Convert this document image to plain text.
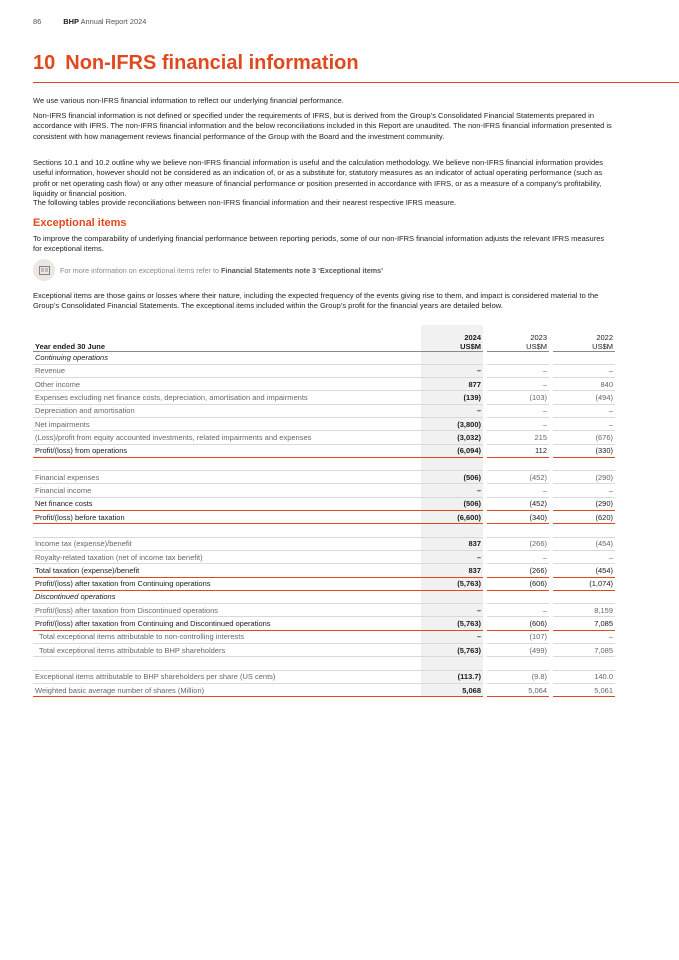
86	BHP Annual Report 2024
10 Non-IFRS financial information

We use various non-IFRS financial information to reflect our underlying financial performance.

Non-IFRS financial information is not defined or specified under the requirements of IFRS, but is derived from the Group’s Consolidated Financial Statements prepared in accordance with IFRS. The non-IFRS financial information and the below reconciliations included in this Report are unaudited. The non-IFRS financial information presented is consistent with how management reviews financial performance of the Group with the Board and the investment community.

Sections 10.1 and 10.2 outline why we believe non-IFRS financial information is useful and the calculation methodology. We believe non-IFRS financial information provides useful information, however should not be considered as an indication of, or as a substitute for, statutory measures as an indicator of actual operating performance (such as profit or net operating cash flow) or any other measure of financial performance or position presented in accordance with IFRS, or as a measure of a company’s profitability, liquidity or financial position.

The following tables provide reconciliations between non-IFRS financial information and their nearest respective IFRS measure.

Exceptional items

To improve the comparability of underlying financial performance between reporting periods, some of our non-IFRS financial information adjusts the relevant IFRS measures for exceptional items.

For more information on exceptional items refer to Financial Statements note 3 ‘Exceptional items’

Exceptional items are those gains or losses where their nature, including the expected frequency of the events giving rise to them, and impact is considered material to the Group’s Consolidated Financial Statements. The exceptional items included within the Group’s profit for the financial years are detailed below.

Year ended 30 June	2024
US$M		2023
US$M		2022
US$M
Continuing operations					
Revenue	–		–		–
Other income	877		–		840
Expenses excluding net finance costs, depreciation, amortisation and impairments	(139)		(103)		(494)
Depreciation and amortisation	–		–		–
Net impairments	(3,800)		–		–
(Loss)/profit from equity accounted investments, related impairments and expenses	(3,032)		215		(676)
Profit/(loss) from operations	(6,094)		112		(330)

Financial expenses	(506)		(452)		(290)
Financial income	–		–		–
Net finance costs	(506)		(452)		(290)
Profit/(loss) before taxation	(6,600)		(340)		(620)

Income tax (expense)/benefit	837		(266)		(454)
Royalty-related taxation (net of income tax benefit)	–		–		–
Total taxation (expense)/benefit	837		(266)		(454)
Profit/(loss) after taxation from Continuing operations	(5,763)		(606)		(1,074)
Discontinued operations					
Profit/(loss) after taxation from Discontinued operations	–		–		8,159
Profit/(loss) after taxation from Continuing and Discontinued operations	(5,763)		(606)		7,085
Total exceptional items attributable to non-controlling interests	–		(107)		–
Total exceptional items attributable to BHP shareholders	(5,763)		(499)		7,085

Exceptional items attributable to BHP shareholders per share (US cents)	(113.7)		(9.8)		140.0
Weighted basic average number of shares (Million)	5,068		5,064		5,061
